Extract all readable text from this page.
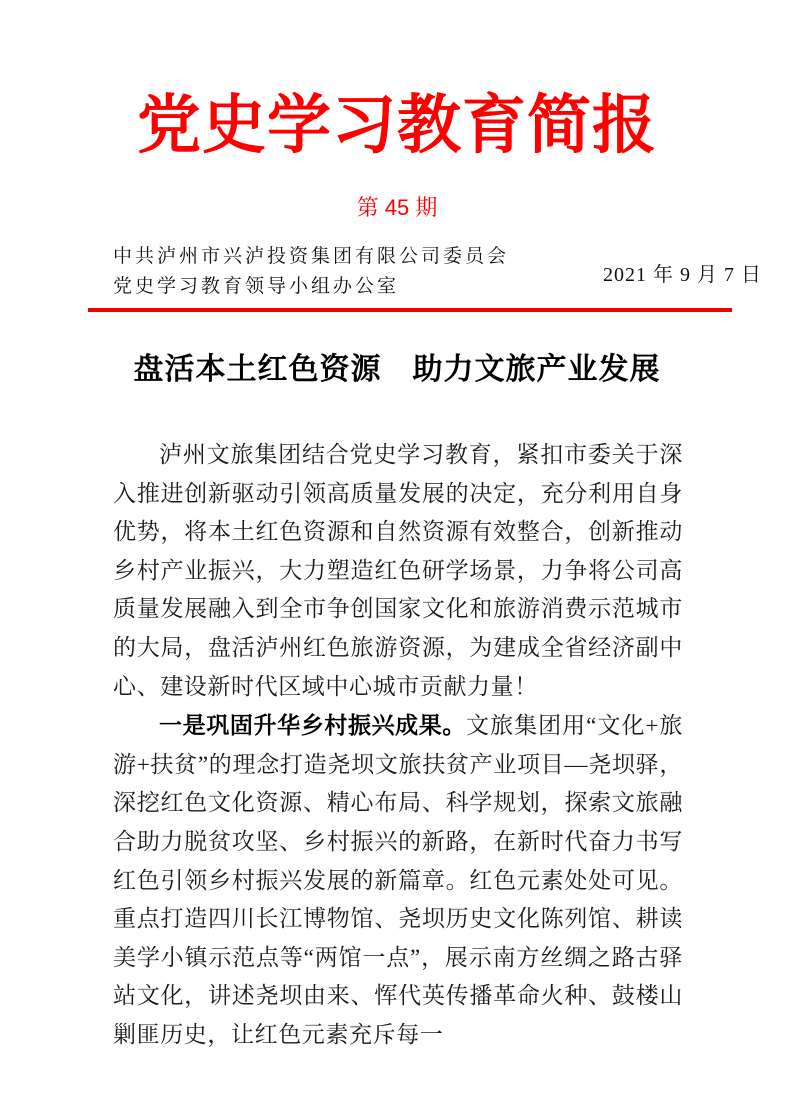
党史学习教育简报
第 45 期
中共泸州市兴泸投资集团有限公司委员会
党史学习教育领导小组办公室
2021 年 9 月 7 日
盘活本土红色资源　助力文旅产业发展

泸州文旅集团结合党史学习教育，紧扣市委关于深入推进创新驱动引领高质量发展的决定，充分利用自身优势，将本土红色资源和自然资源有效整合，创新推动乡村产业振兴，大力塑造红色研学场景，力争将公司高质量发展融入到全市争创国家文化和旅游消费示范城市的大局，盘活泸州红色旅游资源，为建成全省经济副中心、建设新时代区域中心城市贡献力量！

一是巩固升华乡村振兴成果。文旅集团用“文化+旅游+扶贫”的理念打造尧坝文旅扶贫产业项目—尧坝驿，深挖红色文化资源、精心布局、科学规划，探索文旅融合助力脱贫攻坚、乡村振兴的新路，在新时代奋力书写红色引领乡村振兴发展的新篇章。红色元素处处可见。重点打造四川长江博物馆、尧坝历史文化陈列馆、耕读美学小镇示范点等“两馆一点”，展示南方丝绸之路古驿站文化，讲述尧坝由来、恽代英传播革命火种、鼓楼山剿匪历史，让红色元素充斥每一
